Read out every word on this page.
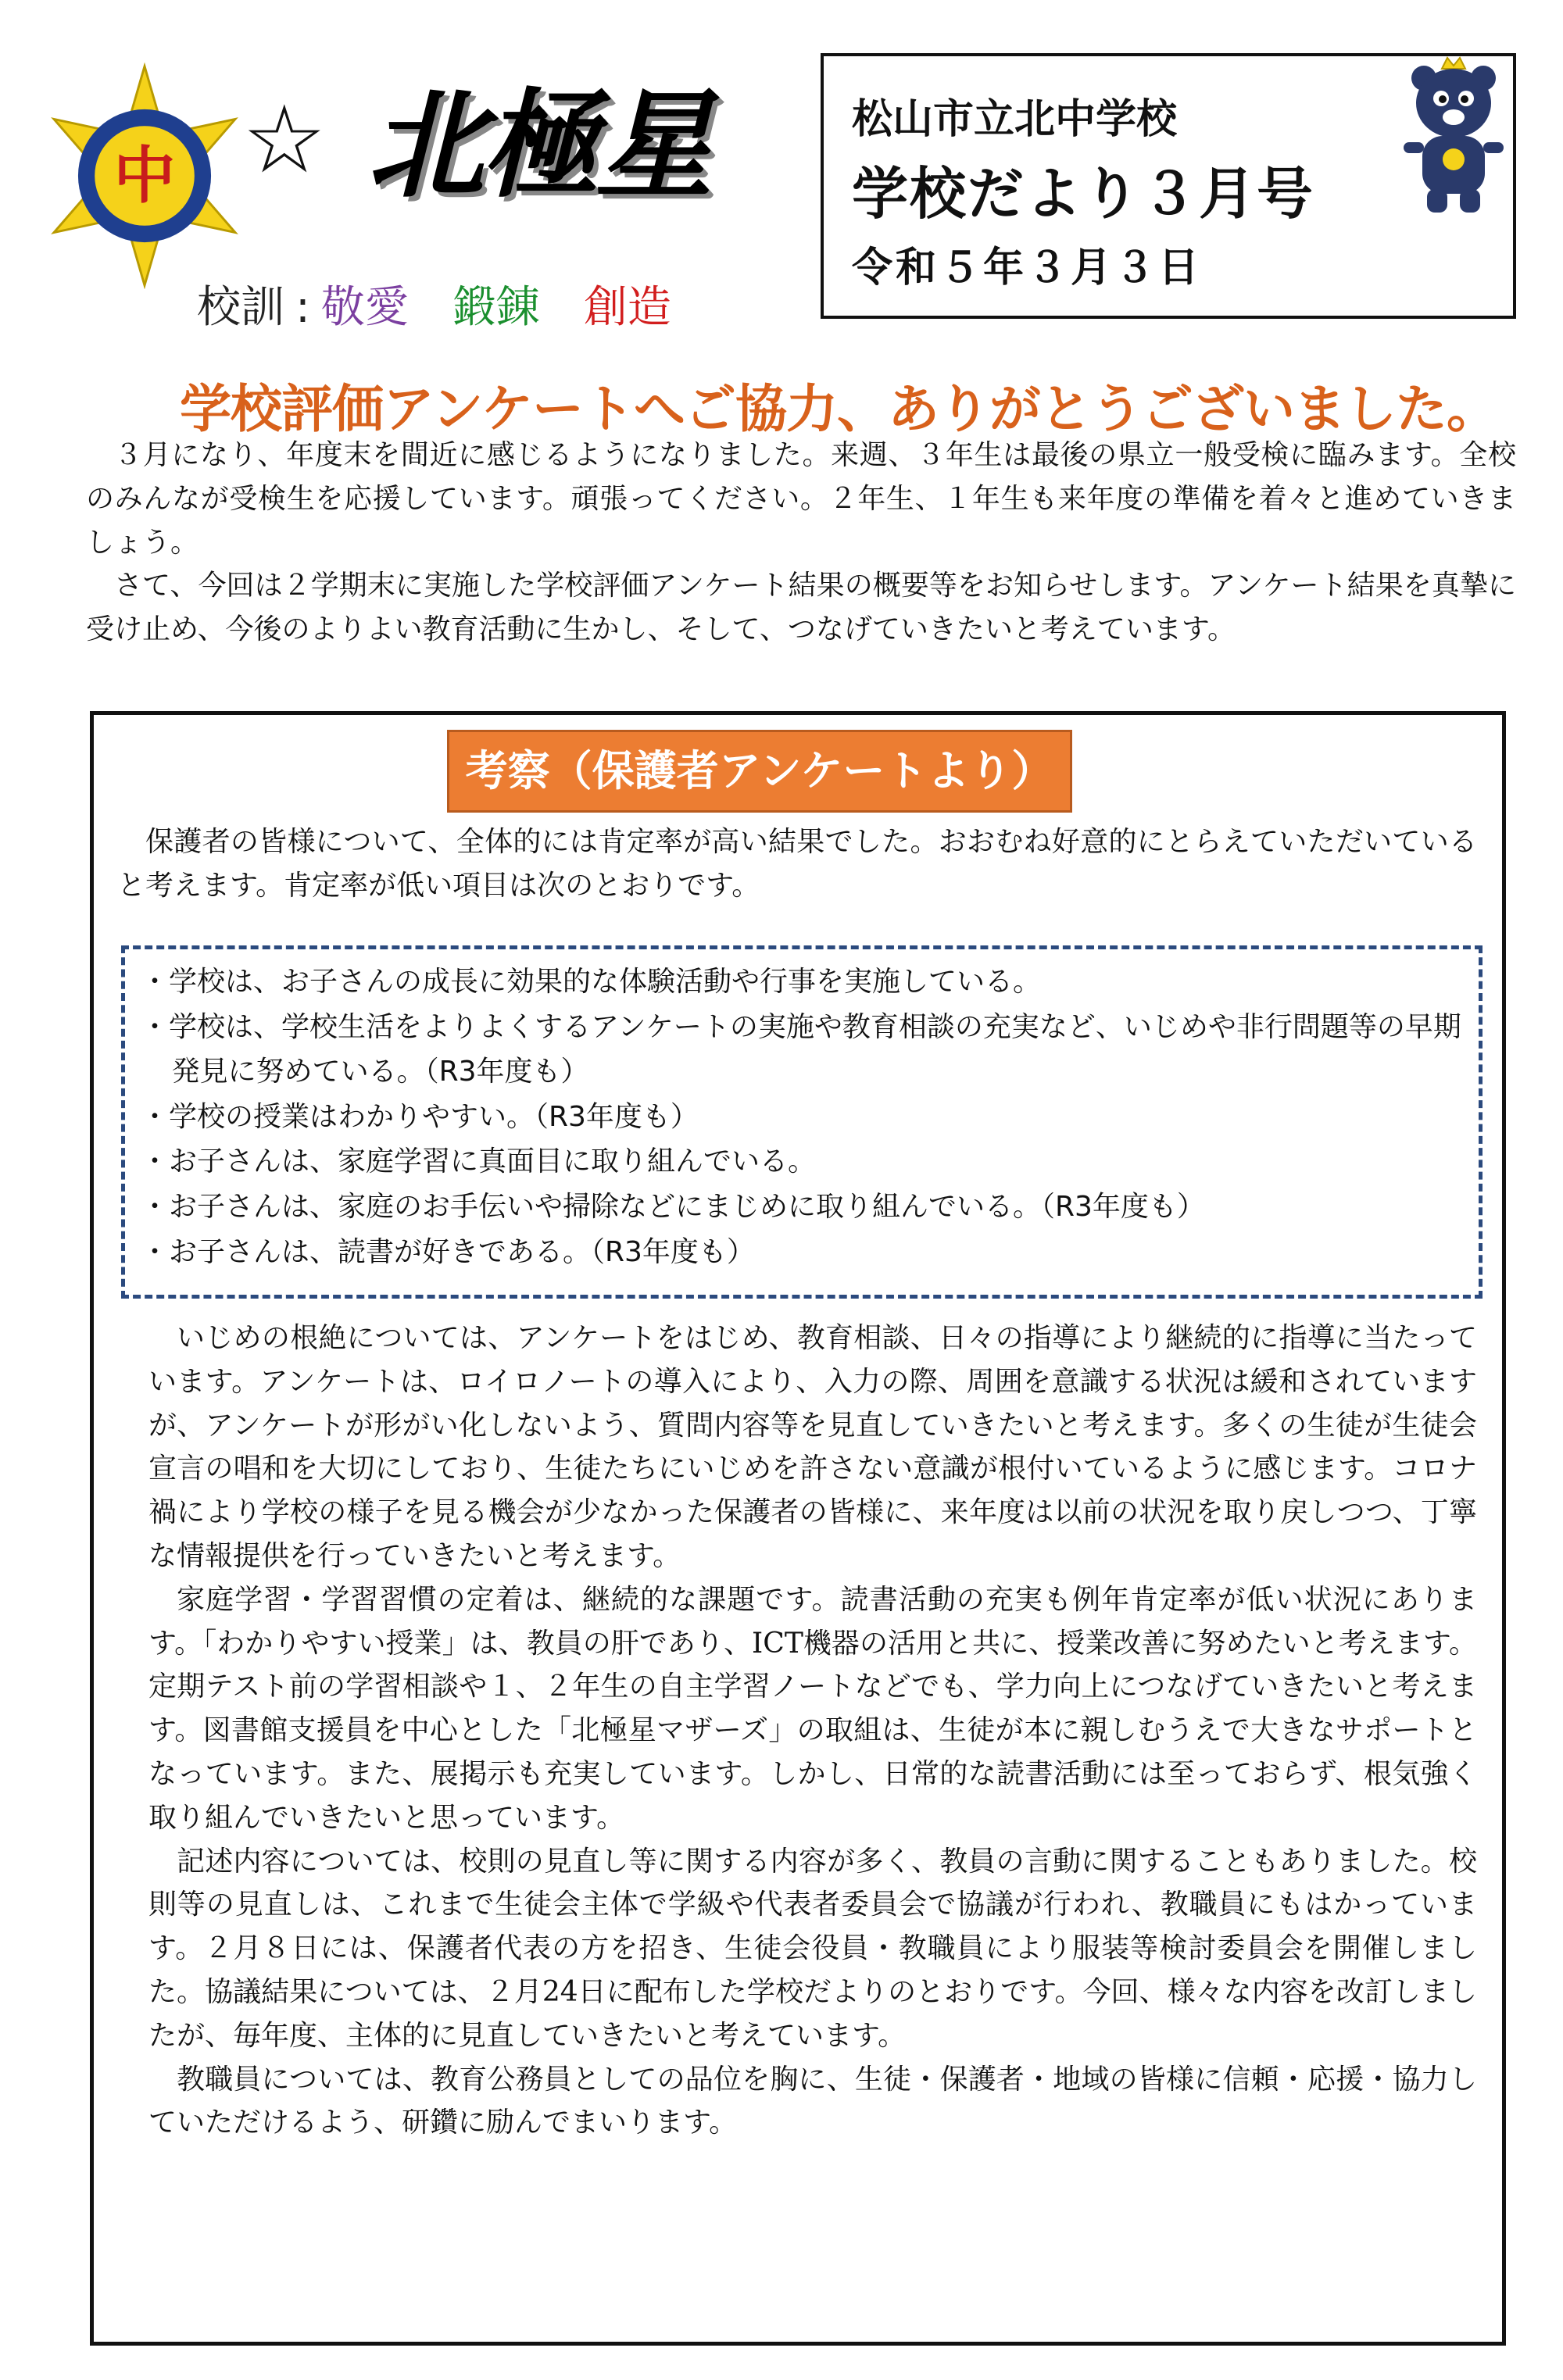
中 ☆ 北極星
校訓 : 敬愛 鍛錬 創造
松山市立北中学校
学校だより３月号
令和５年３月３日
学校評価アンケートへご協力、ありがとうございました。

３月になり、年度末を間近に感じるようになりました。来週、３年生は最後の県立一般受検に臨みます。全校のみんなが受検生を応援しています。頑張ってください。２年生、１年生も来年度の準備を着々と進めていきましょう。

さて、今回は２学期末に実施した学校評価アンケート結果の概要等をお知らせします。アンケート結果を真摯に受け止め、今後のよりよい教育活動に生かし、そして、つなげていきたいと考えています。

考察（保護者アンケートより）

保護者の皆様について、全体的には肯定率が高い結果でした。おおむね好意的にとらえていただいていると考えます。肯定率が低い項目は次のとおりです。

・学校は、お子さんの成長に効果的な体験活動や行事を実施している。
・学校は、学校生活をよりよくするアンケートの実施や教育相談の充実など、いじめや非行問題等の早期発見に努めている。（R3年度も）
・学校の授業はわかりやすい。（R3年度も）
・お子さんは、家庭学習に真面目に取り組んでいる。
・お子さんは、家庭のお手伝いや掃除などにまじめに取り組んでいる。（R3年度も）
・お子さんは、読書が好きである。（R3年度も）

いじめの根絶については、アンケートをはじめ、教育相談、日々の指導により継続的に指導に当たっています。アンケートは、ロイロノートの導入により、入力の際、周囲を意識する状況は緩和されていますが、アンケートが形がい化しないよう、質問内容等を見直していきたいと考えます。多くの生徒が生徒会宣言の唱和を大切にしており、生徒たちにいじめを許さない意識が根付いているように感じます。コロナ禍により学校の様子を見る機会が少なかった保護者の皆様に、来年度は以前の状況を取り戻しつつ、丁寧な情報提供を行っていきたいと考えます。

家庭学習・学習習慣の定着は、継続的な課題です。読書活動の充実も例年肯定率が低い状況にあります。「わかりやすい授業」は、教員の肝であり、ICT機器の活用と共に、授業改善に努めたいと考えます。定期テスト前の学習相談や１、２年生の自主学習ノートなどでも、学力向上につなげていきたいと考えます。図書館支援員を中心とした「北極星マザーズ」の取組は、生徒が本に親しむうえで大きなサポートとなっています。また、展掲示も充実しています。しかし、日常的な読書活動には至っておらず、根気強く取り組んでいきたいと思っています。

記述内容については、校則の見直し等に関する内容が多く、教員の言動に関することもありました。校則等の見直しは、これまで生徒会主体で学級や代表者委員会で協議が行われ、教職員にもはかっています。２月８日には、保護者代表の方を招き、生徒会役員・教職員により服装等検討委員会を開催しました。協議結果については、２月24日に配布した学校だよりのとおりです。今回、様々な内容を改訂しましたが、毎年度、主体的に見直していきたいと考えています。

教職員については、教育公務員としての品位を胸に、生徒・保護者・地域の皆様に信頼・応援・協力していただけるよう、研鑽に励んでまいります。
